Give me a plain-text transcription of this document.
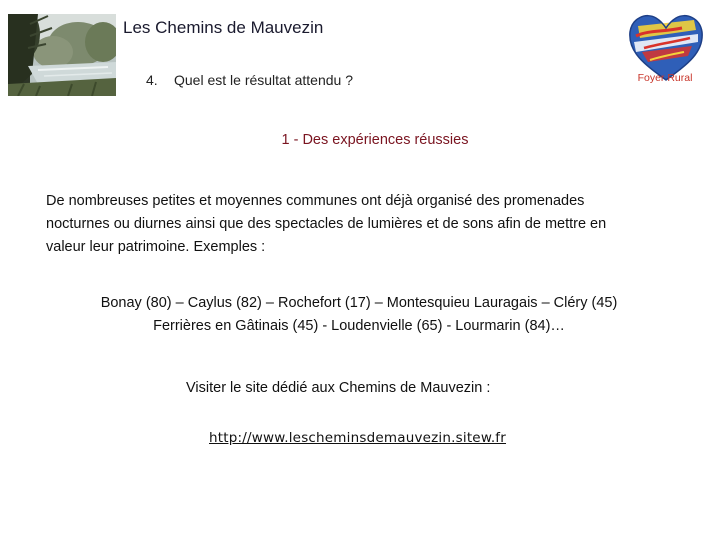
Les Chemins de Mauvezin
4. Quel est le résultat attendu ?	Foyer Rural
1 - Des expériences réussies
De nombreuses petites et moyennes communes ont déjà organisé des promenades
nocturnes ou diurnes ainsi que des spectacles de lumières et de sons afin de mettre en
valeur leur patrimoine. Exemples :
Bonay (80) – Caylus (82) – Rochefort (17) – Montesquieu Lauragais – Cléry (45)
Ferrières en Gâtinais (45) - Loudenvielle (65) - Lourmarin (84)…
Visiter le site dédié aux Chemins de Mauvezin :
http://www.lescheminsdemauvezin.sitew.fr
